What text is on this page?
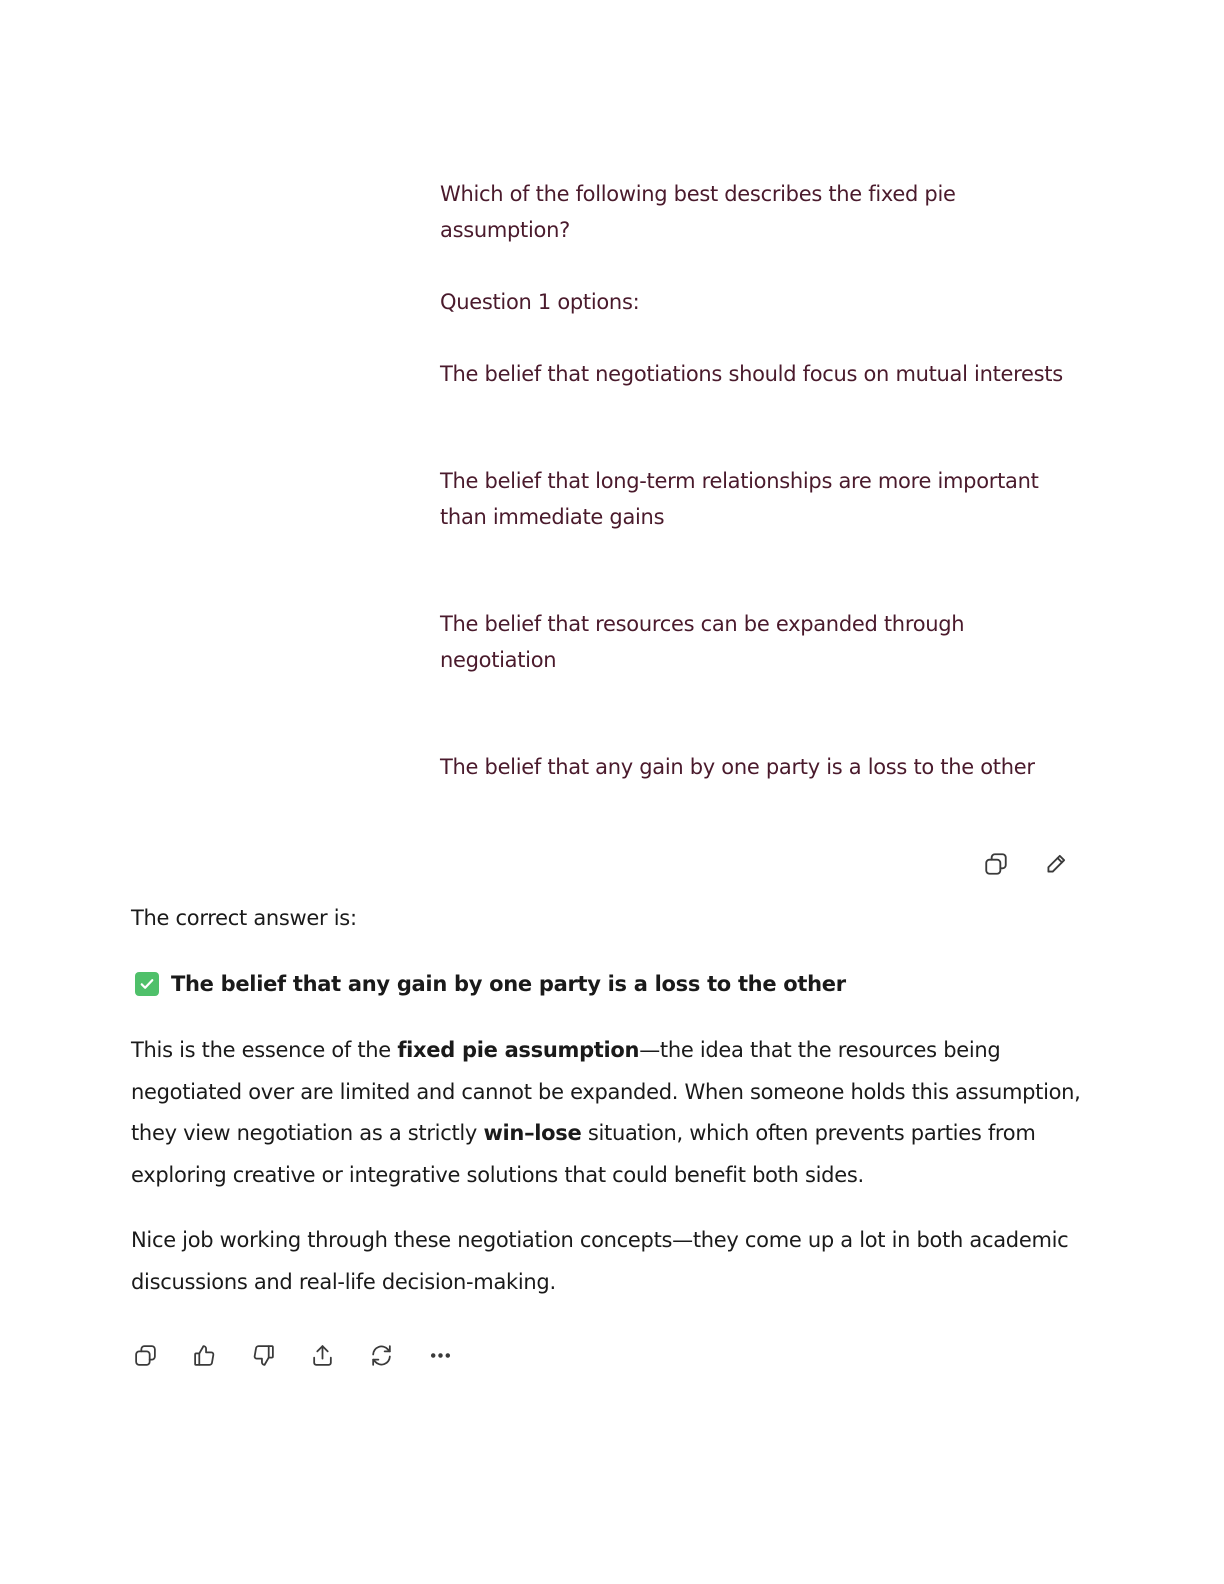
Which of the following best describes the fixed pie assumption?

Question 1 options:

The belief that negotiations should focus on mutual interests

The belief that long-term relationships are more important than immediate gains

The belief that resources can be expanded through negotiation

The belief that any gain by one party is a loss to the other

The correct answer is:

The belief that any gain by one party is a loss to the other

This is the essence of the fixed pie assumption—the idea that the resources being negotiated over are limited and cannot be expanded. When someone holds this assumption, they view negotiation as a strictly win–lose situation, which often prevents parties from exploring creative or integrative solutions that could benefit both sides.

Nice job working through these negotiation concepts—they come up a lot in both academic discussions and real-life decision-making.
